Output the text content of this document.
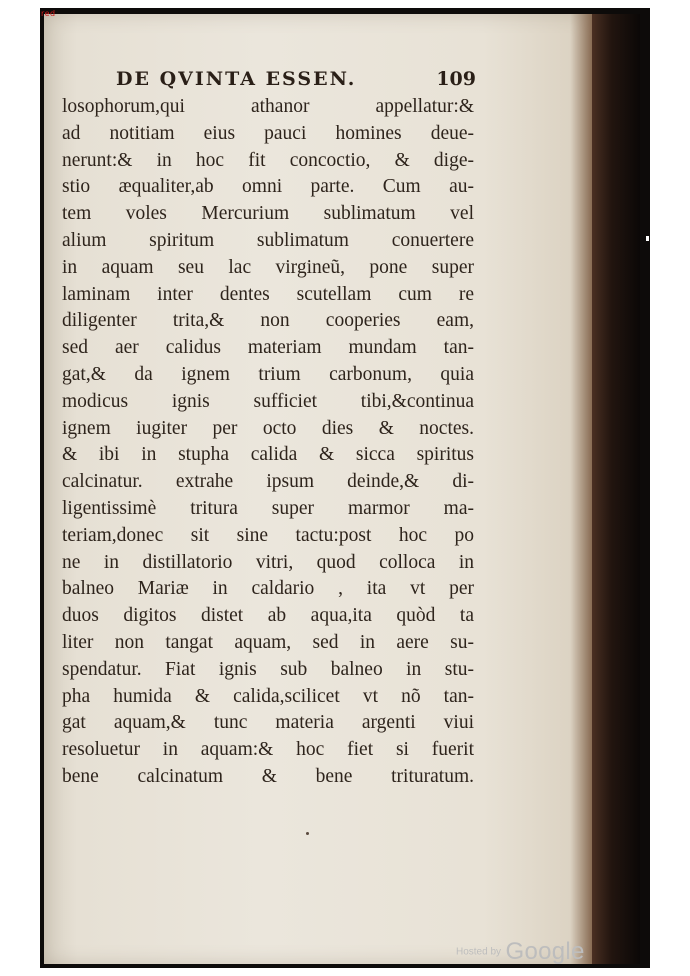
red
DE QVINTA ESSEN.	109
losophorum,qui athanor appellatur:&
ad notitiam eius pauci homines deue-
nerunt:& in hoc fit concoctio, & dige-
stio æqualiter,ab omni parte. Cum au-
tem voles Mercurium sublimatum vel
alium spiritum sublimatum conuertere
in aquam seu lac virgineũ, pone super
laminam inter dentes scutellam cum re
diligenter trita,& non cooperies eam,
sed aer calidus materiam mundam tan-
gat,& da ignem trium carbonum, quia
modicus ignis sufficiet tibi,&continua
ignem iugiter per octo dies & noctes.
& ibi in stupha calida & sicca spiritus
calcinatur. extrahe ipsum deinde,& di-
ligentissimè tritura super marmor ma-
teriam,donec sit sine tactu:post hoc po
ne in distillatorio vitri, quod colloca in
balneo Mariæ in caldario , ita vt per
duos digitos distet ab aqua,ita quòd ta
liter non tangat aquam, sed in aere su-
spendatur. Fiat ignis sub balneo in stu-
pha humida & calida,scilicet vt nõ tan-
gat aquam,& tunc materia argenti viui
resoluetur in aquam:& hoc fiet si fuerit
bene calcinatum & bene trituratum.
Hosted by Google
